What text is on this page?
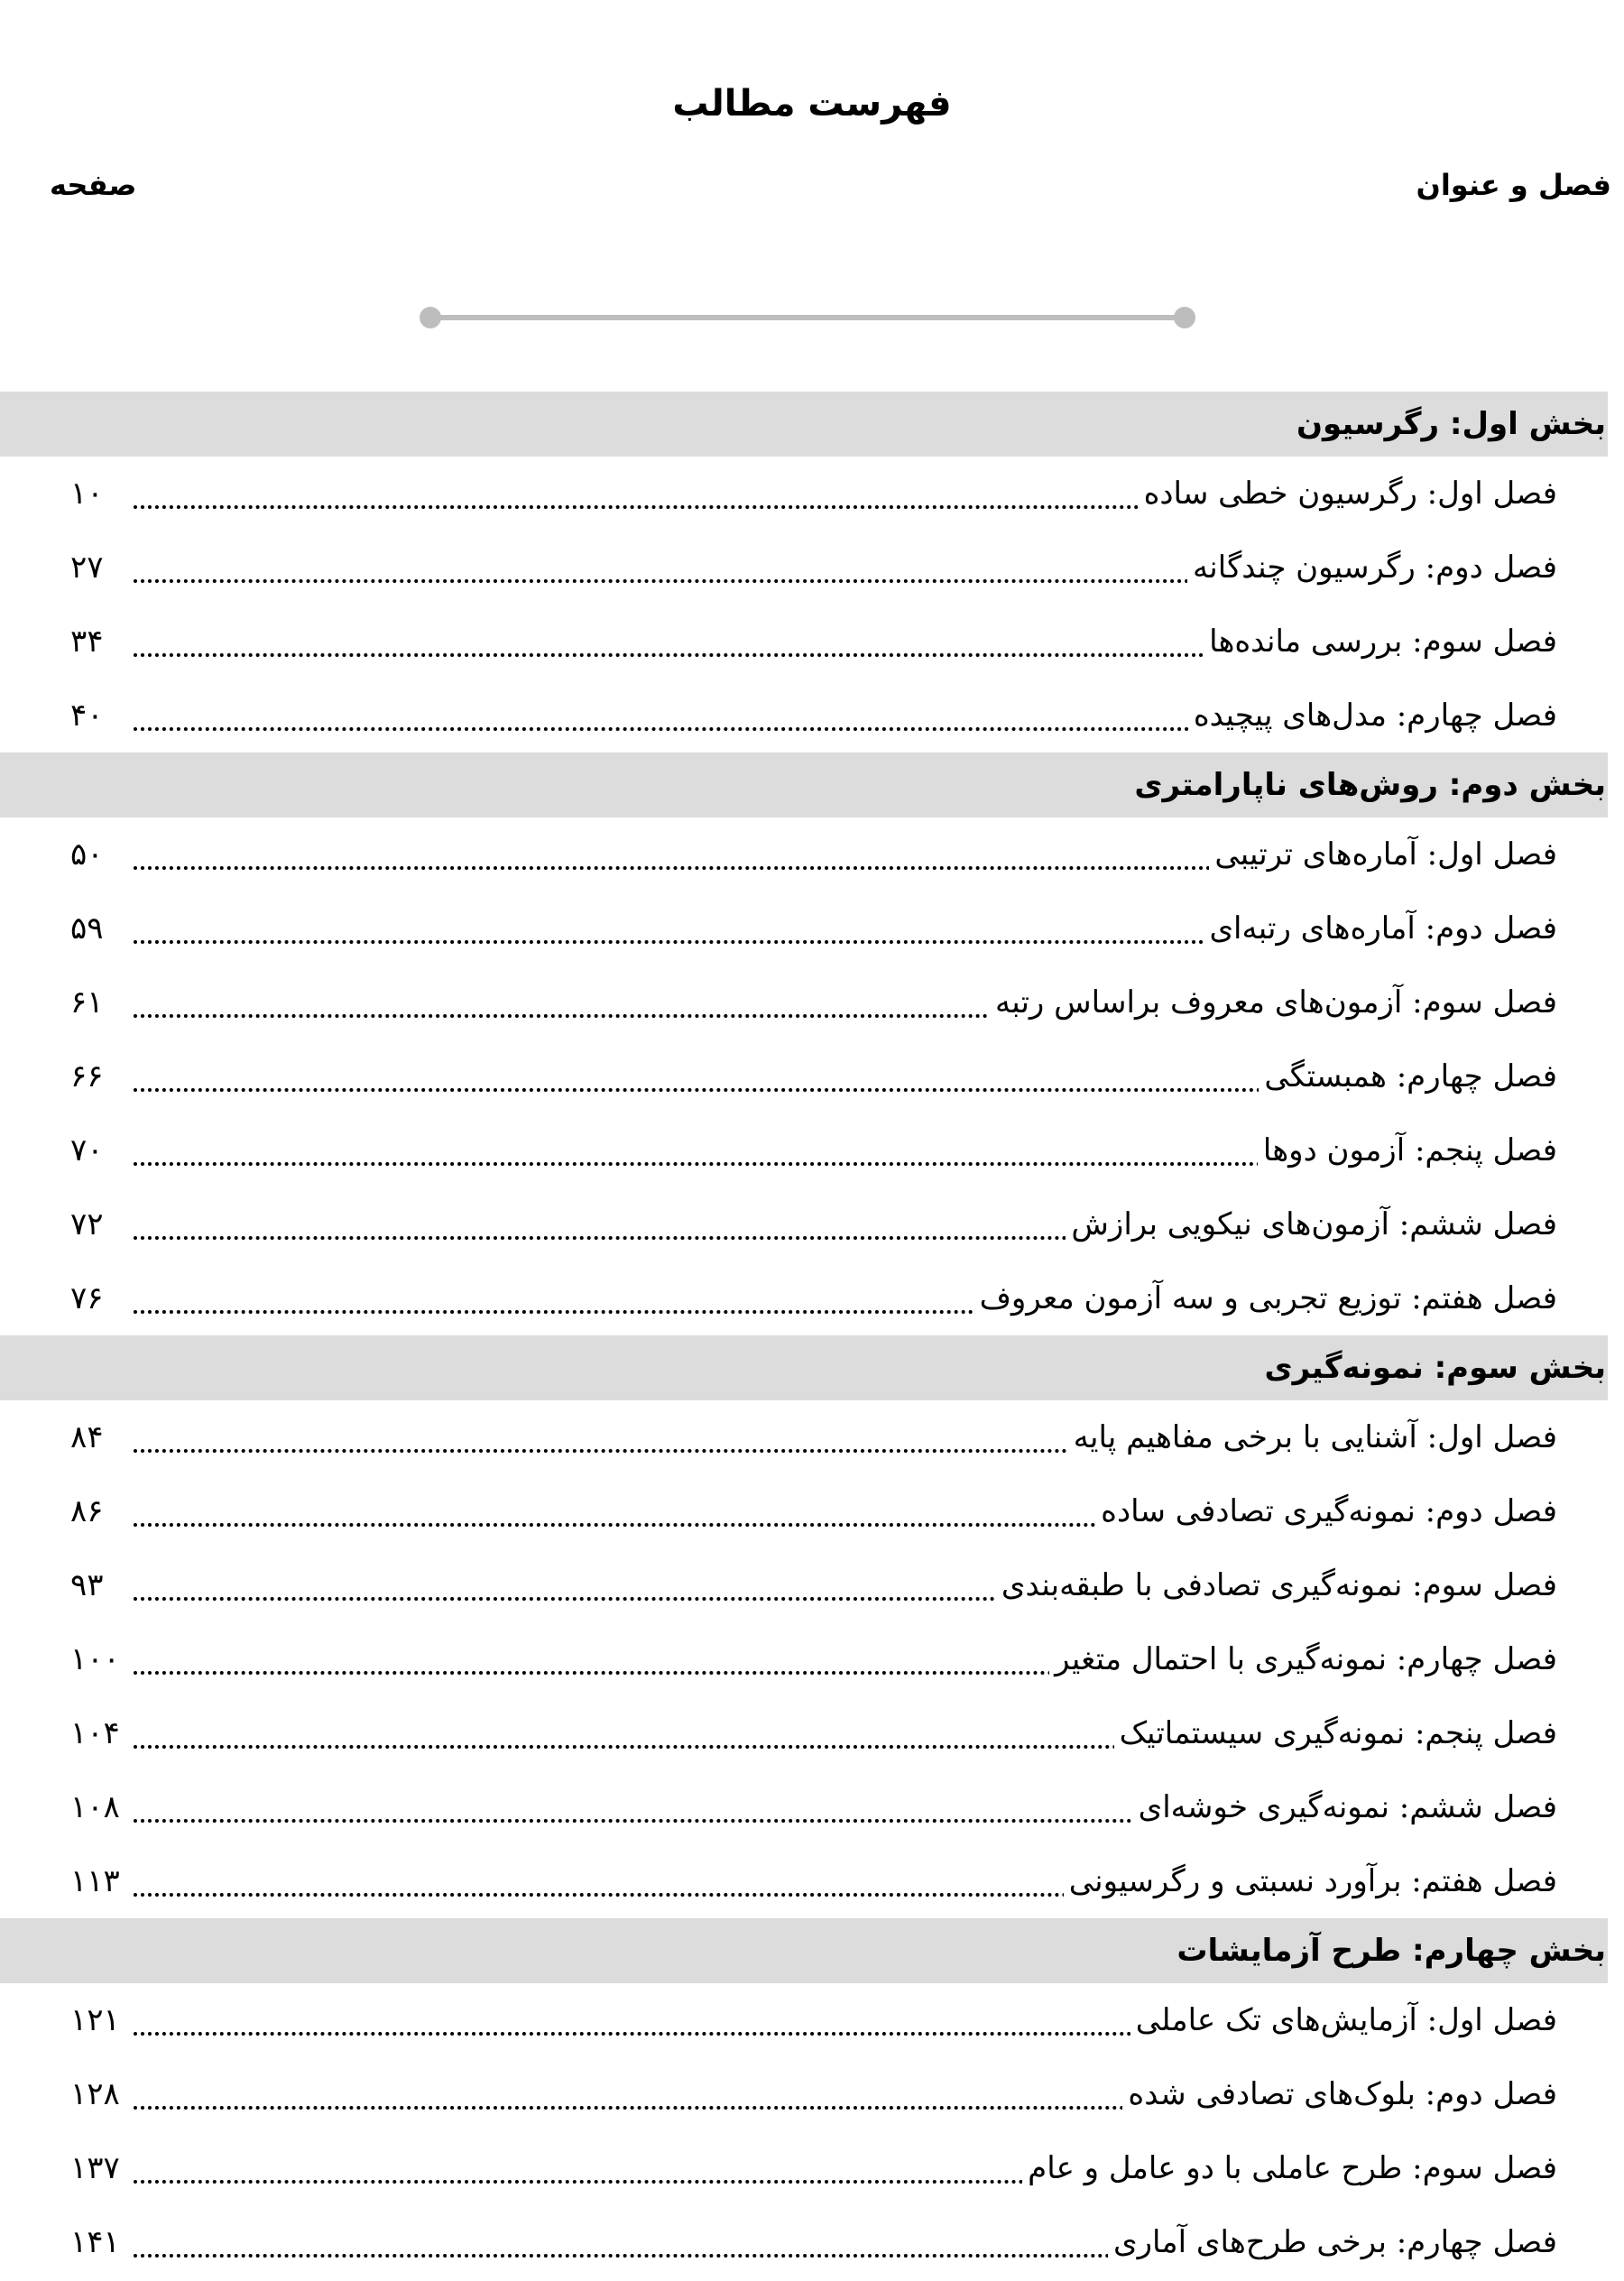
فهرست مطالب
فصل و عنوان
صفحه
بخش اول: رگرسیون
فصل اول: رگرسیون خطی ساده
۱۰
فصل دوم: رگرسیون چندگانه
۲۷
فصل سوم: بررسی مانده‌ها
۳۴
فصل چهارم: مدل‌های پیچیده
۴۰
بخش دوم: روش‌های ناپارامتری
فصل اول: آماره‌های ترتیبی
۵۰
فصل دوم: آماره‌های رتبه‌ای
۵۹
فصل سوم: آزمون‌های معروف براساس رتبه
۶۱
فصل چهارم: همبستگی
۶۶
فصل پنجم: آزمون دوها
۷۰
فصل ششم: آزمون‌های نیکویی برازش
۷۲
فصل هفتم: توزیع تجربی و سه آزمون معروف
۷۶
بخش سوم: نمونه‌گیری
فصل اول: آشنایی با برخی مفاهیم پایه
۸۴
فصل دوم: نمونه‌گیری تصادفی ساده
۸۶
فصل سوم: نمونه‌گیری تصادفی با طبقه‌بندی
۹۳
فصل چهارم: نمونه‌گیری با احتمال متغیر
۱۰۰
فصل پنجم: نمونه‌گیری سیستماتیک
۱۰۴
فصل ششم: نمونه‌گیری خوشه‌ای
۱۰۸
فصل هفتم: برآورد نسبتی و رگرسیونی
۱۱۳
بخش چهارم: طرح آزمایشات
فصل اول: آزمایش‌های تک عاملی
۱۲۱
فصل دوم: بلوک‌های تصادفی شده
۱۲۸
فصل سوم: طرح عاملی با دو عامل و عام
۱۳۷
فصل چهارم: برخی طرح‌های آماری
۱۴۱
